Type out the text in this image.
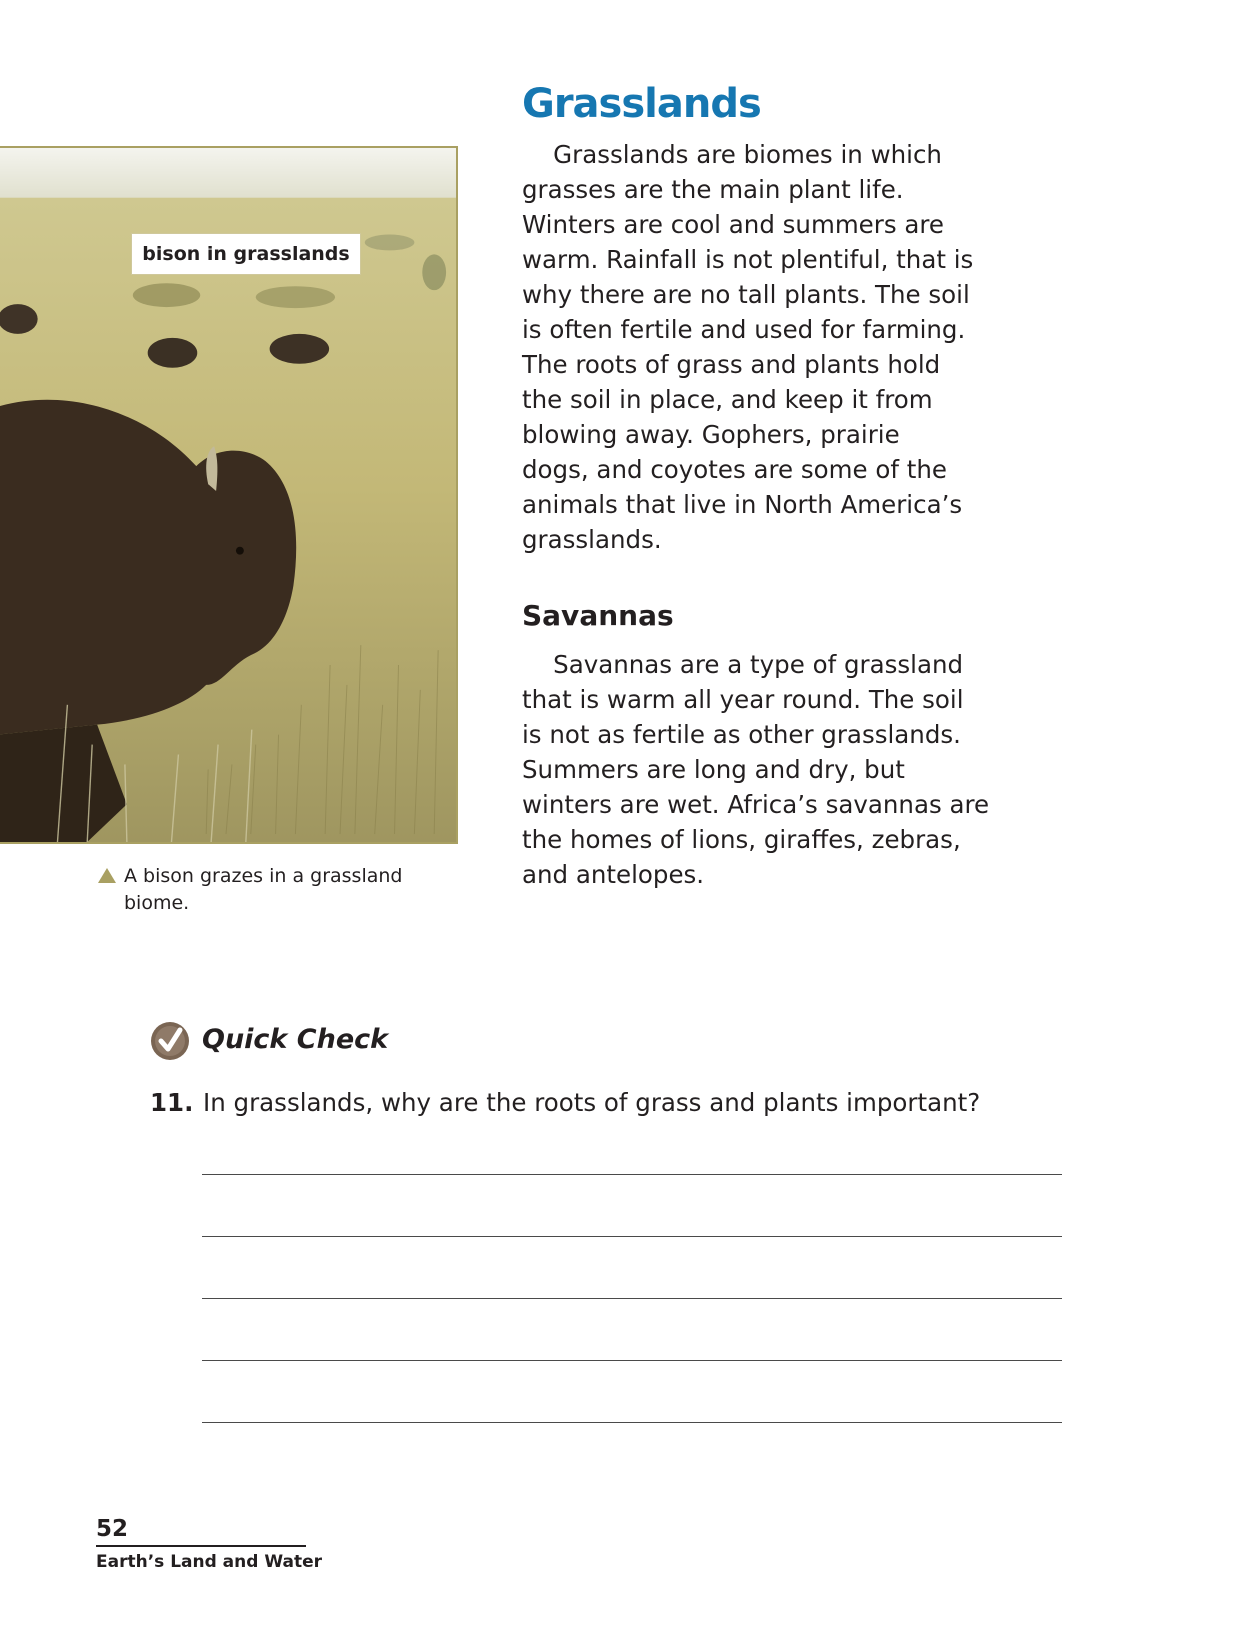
bison in grasslands
A bison grazes in a grassland biome.
Grasslands
Grasslands are biomes in which
grasses are the main plant life.
Winters are cool and summers are
warm. Rainfall is not plentiful, that is
why there are no tall plants. The soil
is often fertile and used for farming.
The roots of grass and plants hold
the soil in place, and keep it from
blowing away. Gophers, prairie
dogs, and coyotes are some of the
animals that live in North America’s
grasslands.
Savannas
Savannas are a type of grassland
that is warm all year round. The soil
is not as fertile as other grasslands.
Summers are long and dry, but
winters are wet. Africa’s savannas are
the homes of lions, giraffes, zebras,
and antelopes.
Quick Check
11. In grasslands, why are the roots of grass and plants important?
52
Earth’s Land and Water
